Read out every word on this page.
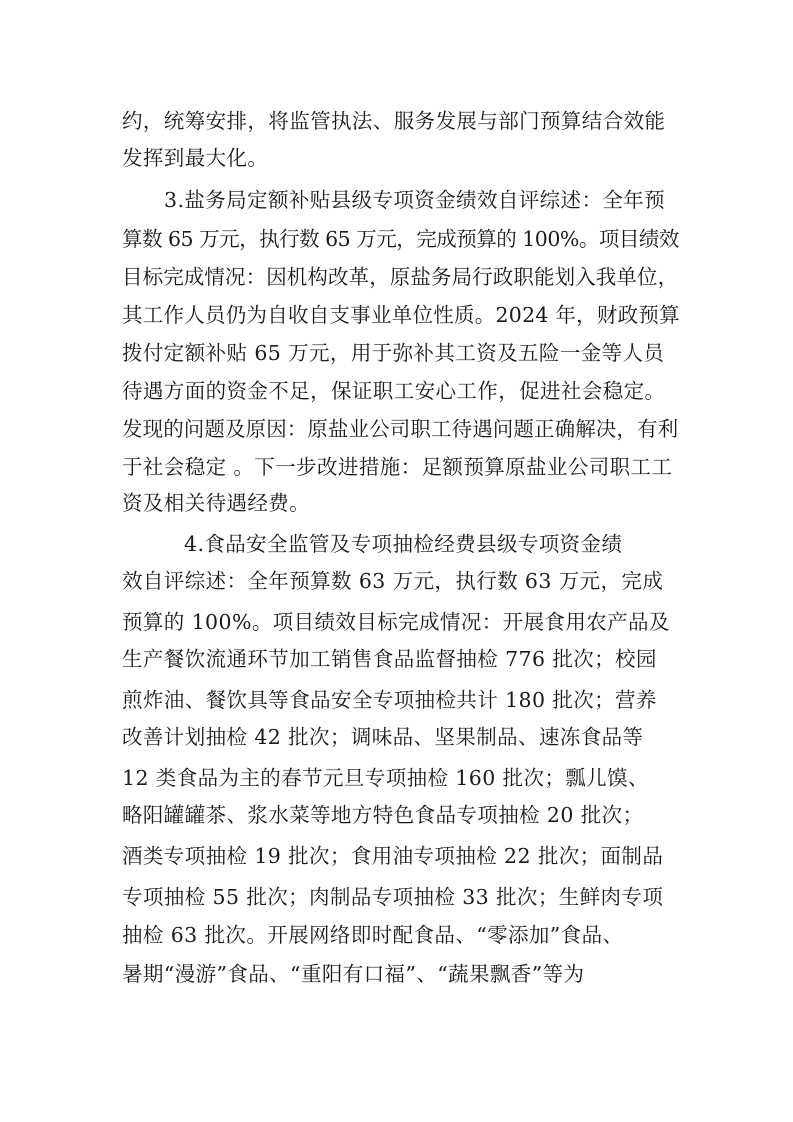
约，统筹安排，将监管执法、服务发展与部门预算结合效能
发挥到最大化。
3.盐务局定额补贴县级专项资金绩效自评综述：全年预
算数 65 万元，执行数 65 万元，完成预算的 100%。项目绩效
目标完成情况：因机构改革，原盐务局行政职能划入我单位，
其工作人员仍为自收自支事业单位性质。2024 年，财政预算
拨付定额补贴 65 万元，用于弥补其工资及五险一金等人员
待遇方面的资金不足，保证职工安心工作，促进社会稳定。
发现的问题及原因：原盐业公司职工待遇问题正确解决，有利
于社会稳定 。下一步改进措施：足额预算原盐业公司职工工
资及相关待遇经费。
4.食品安全监管及专项抽检经费县级专项资金绩
效自评综述：全年预算数 63 万元，执行数 63 万元，完成
预算的 100%。项目绩效目标完成情况：开展食用农产品及
生产餐饮流通环节加工销售食品监督抽检 776 批次；校园
煎炸油、餐饮具等食品安全专项抽检共计 180 批次；营养
改善计划抽检 42 批次；调味品、坚果制品、速冻食品等
12 类食品为主的春节元旦专项抽检 160 批次；瓢儿馍、
略阳罐罐茶、浆水菜等地方特色食品专项抽检 20 批次；
酒类专项抽检 19 批次；食用油专项抽检 22 批次；面制品
专项抽检 55 批次；肉制品专项抽检 33 批次；生鲜肉专项
抽检 63 批次。开展网络即时配食品、“零添加”食品、
暑期“漫游”食品、“重阳有口福”、“蔬果飘香”等为
